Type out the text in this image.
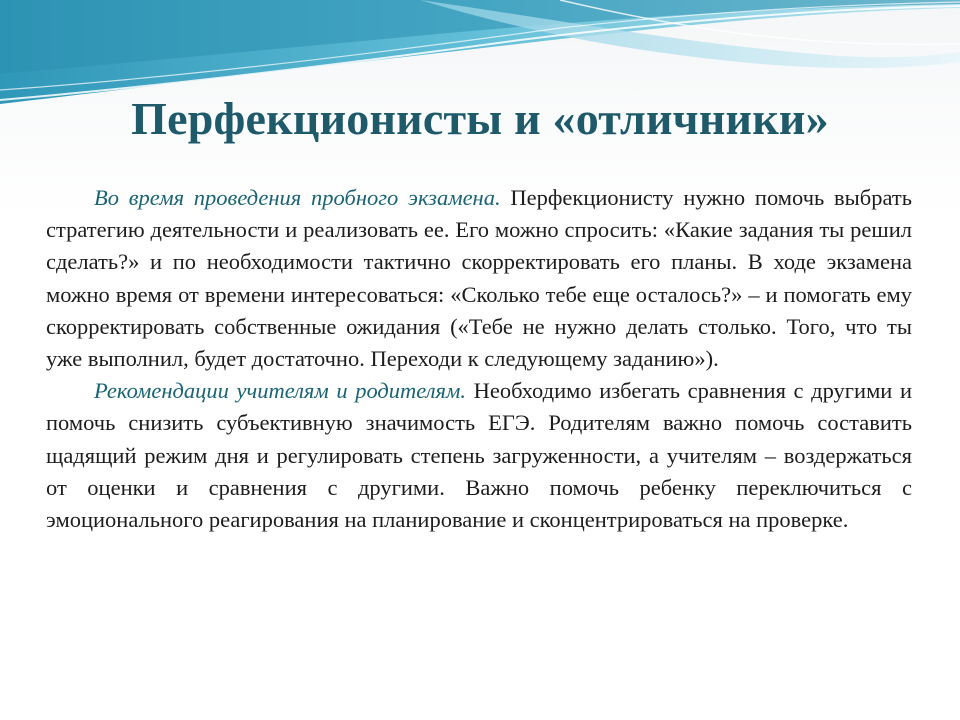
Перфекционисты и «отличники»

Во время проведения пробного экзамена. Перфекционисту нужно помочь выбрать стратегию деятельности и реализовать ее. Его можно спросить: «Какие задания ты решил сделать?» и по необходимости тактично скорректировать его планы. В ходе экзамена можно время от времени интересоваться: «Сколько тебе еще осталось?» – и помогать ему скорректировать собственные ожидания («Тебе не нужно делать столько. Того, что ты уже выполнил, будет достаточно. Переходи к следующему заданию»).

Рекомендации учителям и родителям. Необходимо избегать сравнения с другими и помочь снизить субъективную значимость ЕГЭ. Родителям важно помочь составить щадящий режим дня и регулировать степень загруженности, а учителям – воздержаться от оценки и сравнения с другими. Важно помочь ребенку переключиться с эмоционального реагирования на планирование и сконцентрироваться на проверке.
